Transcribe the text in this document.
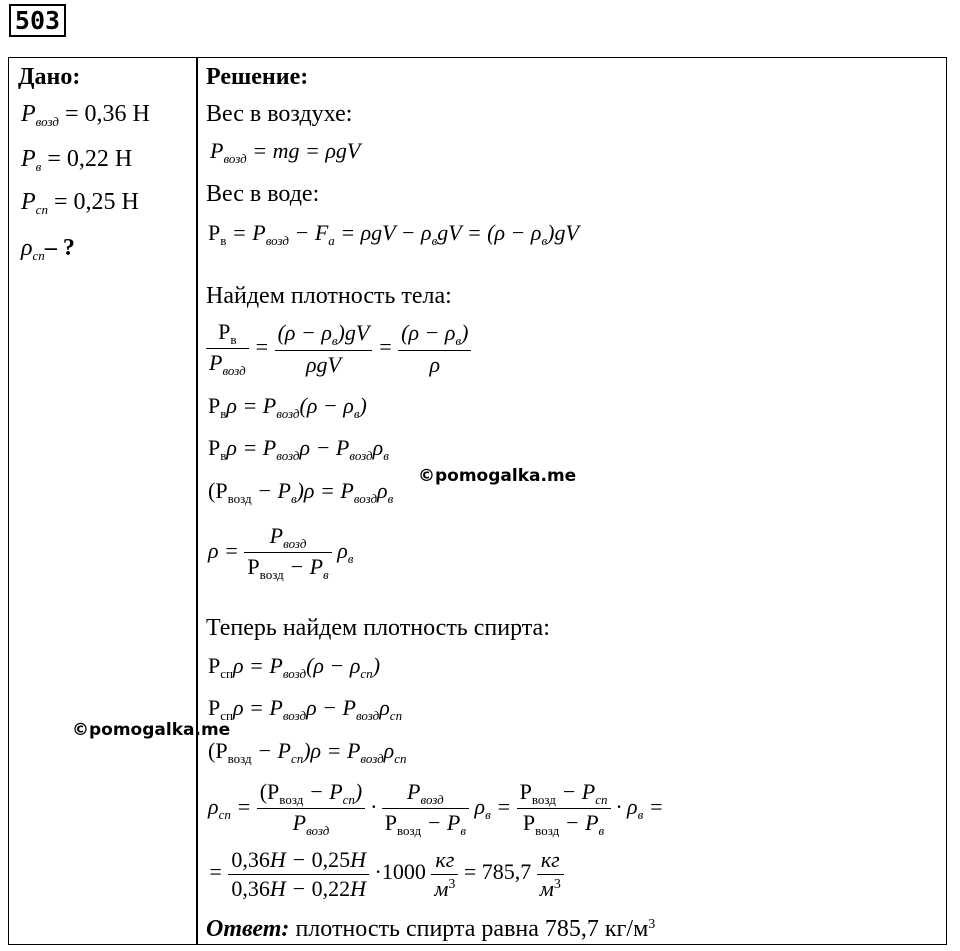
503
Дано:
$P_{возд} = 0,36$ Н
$P_в = 0,22$ Н
$P_{сп} = 0,25$ Н
$\rho_{сп}-$ ?
Решение:
Вес в воздухе:
$P_{возд}$ = mg = ρgV
Вес в воде:
$Р_в = P_{возд} - F_a = \rho gV - \rho_вgV = (\rho - \rho_в)gV$
Найдем плотность тела:
$\frac{Р_в}{P_{возд}} = \frac{(\rho - \rho_в)gV}{\text{ρgV}} = \frac{(\rho - \rho_в)}{\rho}$
$Р_в\rho = P_{возд}(\rho - \rho_в)$
$Р_в\rho = P_{возд}\rho - P_{возд}\rho_в$
$(Р_{возд} - P_в)\rho = P_{возд}\rho_в$
$\rho = \frac{P_{возд}}{Р_{возд} - P_в} \rho_в$
Теперь найдем плотность спирта:
$Р_{сп}\rho = P_{возд}(\rho - \rho_{сп})$
$Р_{сп}\rho = P_{возд}\rho - P_{возд}\rho_{сп}$
$(Р_{возд} - P_{сп})\rho = P_{возд}\rho_{сп}$
$\rho_{сп} = \frac{(Р_{возд} - P_{сп})}{P_{возд}} \cdot \frac{P_{возд}}{Р_{возд} - P_в} \rho_в = \frac{Р_{возд} - P_{сп}}{Р_{возд} - P_в} \cdot \rho_в$ =
= $\frac{0,36H - 0,25H}{0,36H - 0,22H} \cdot 1000 \frac{кг}{м^3} = 785,7 \frac{кг}{м^3}$
Ответ: плотность спирта равна 785,7 $кг/м^3$
©pomogalka.me
©pomogalka.me
